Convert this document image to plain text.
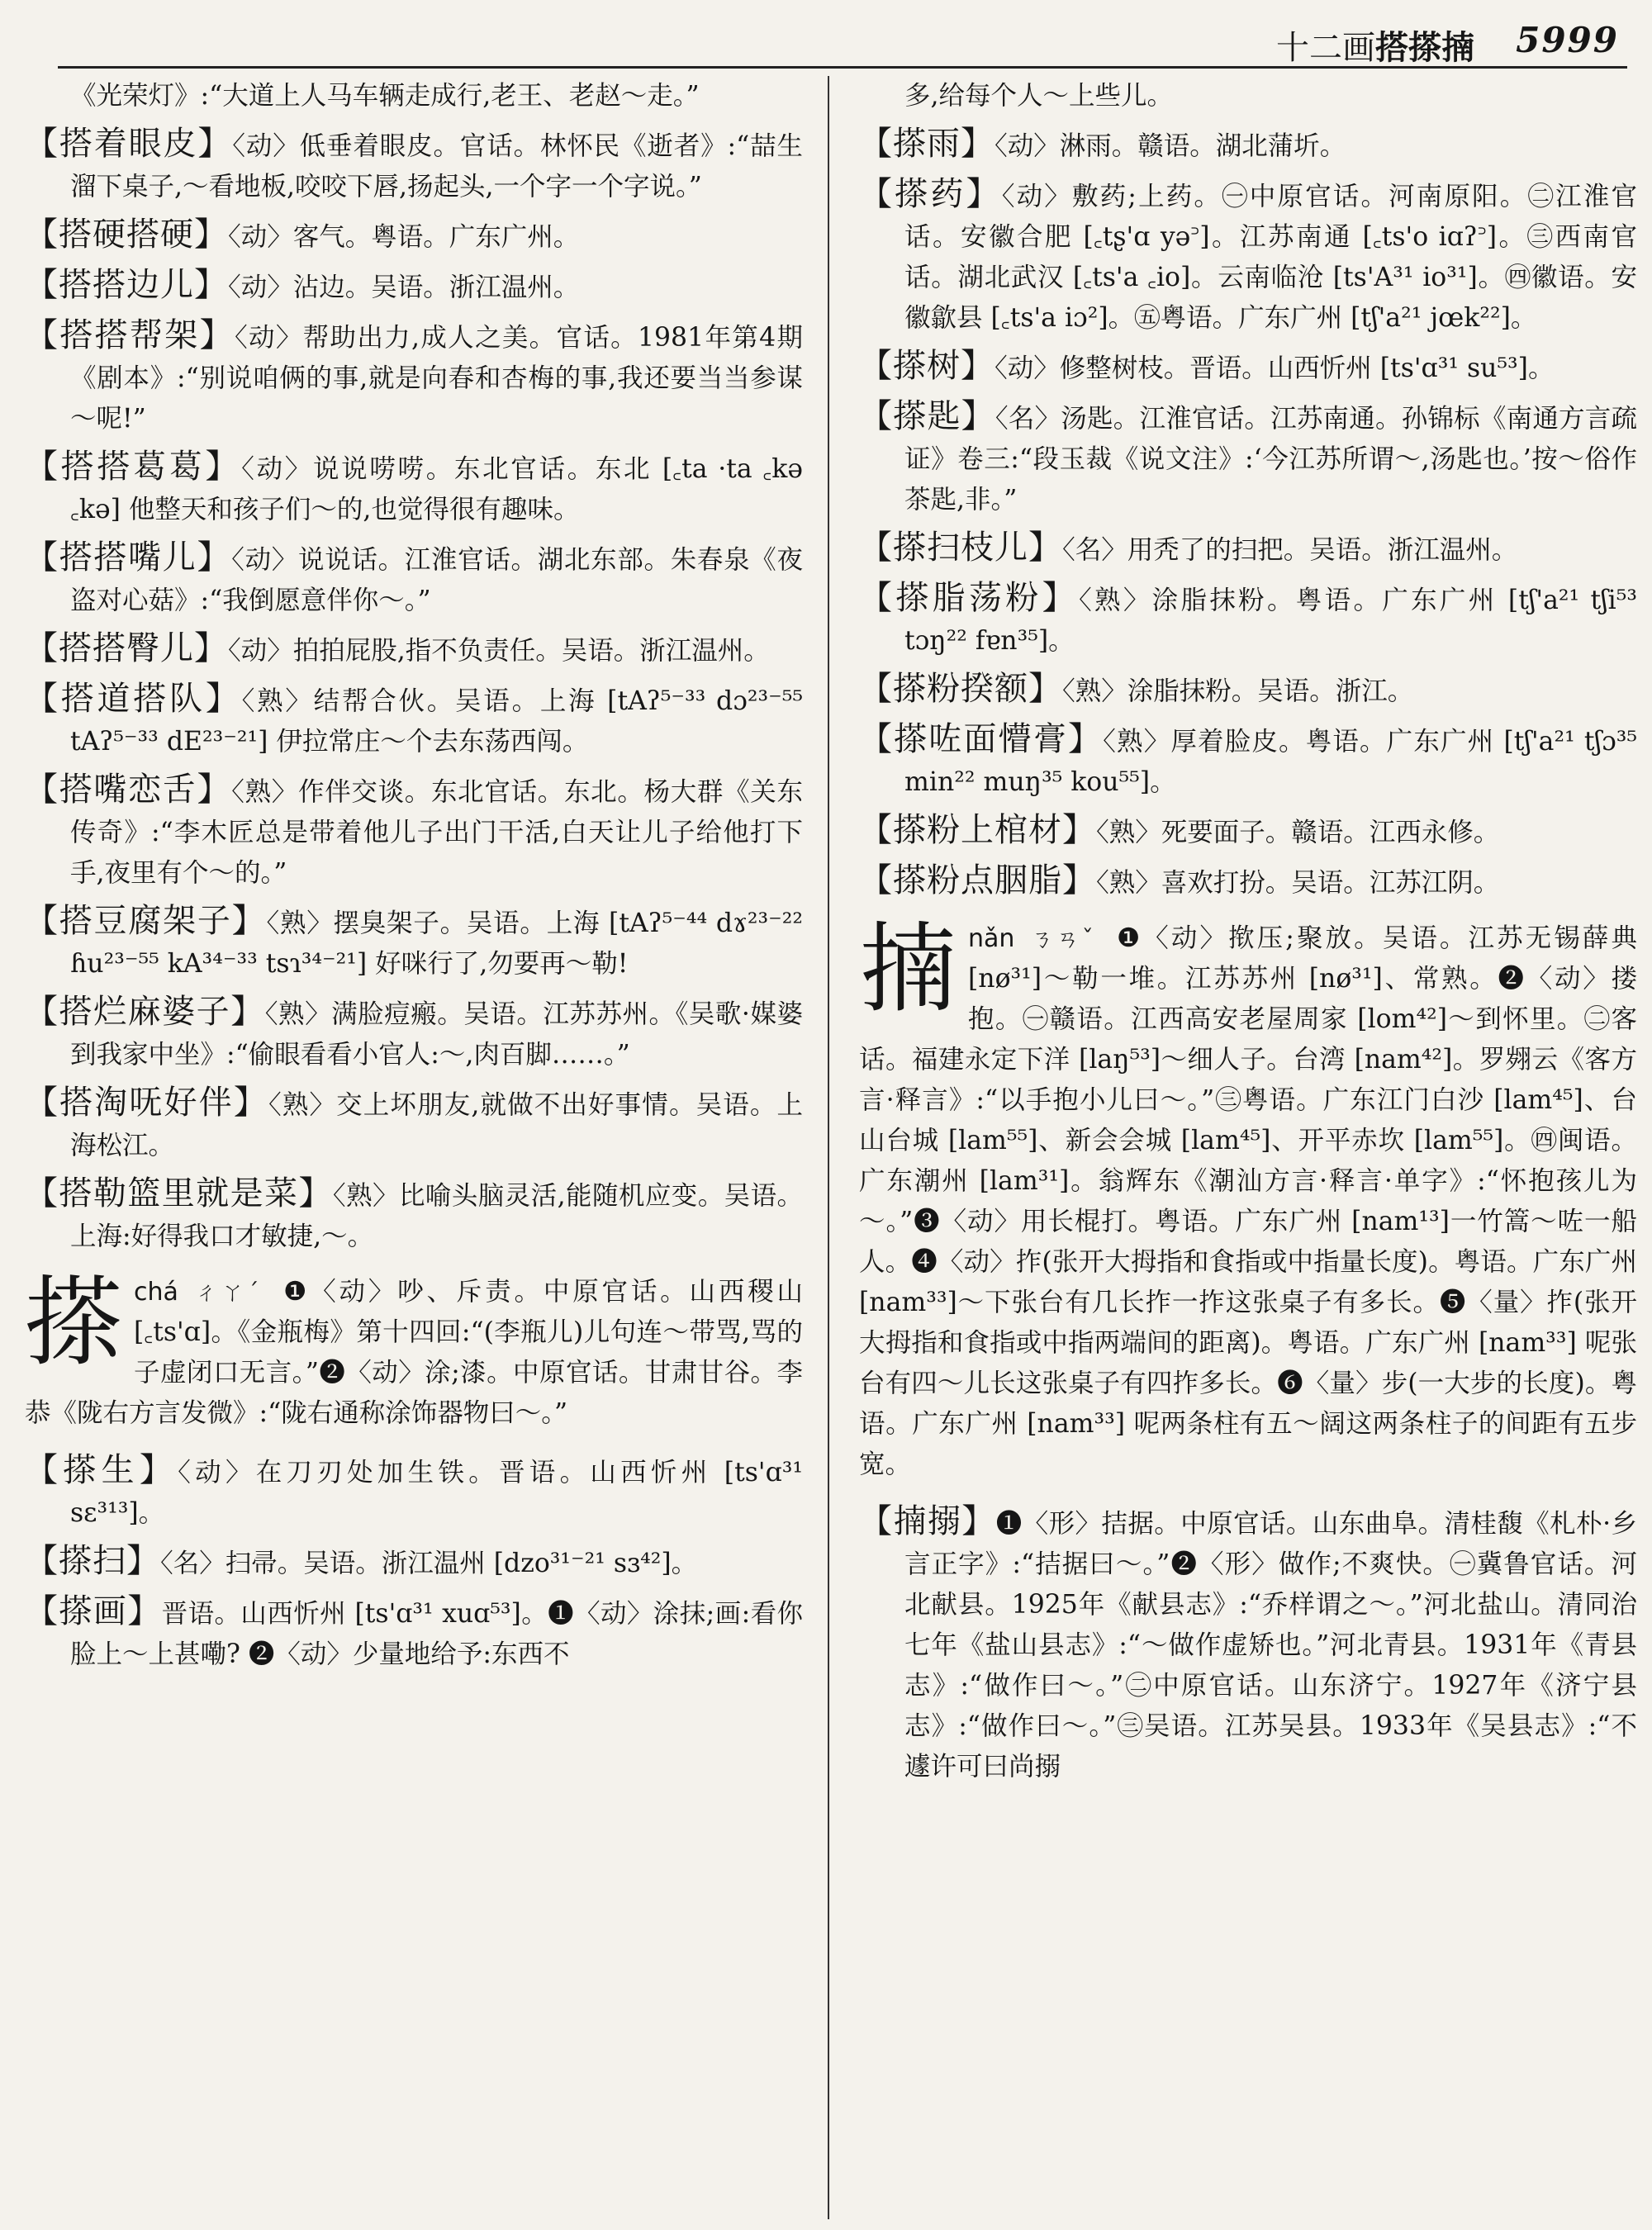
十二画 搭搽揇 5999

《光荣灯》:“大道上人马车辆走成行,老王、老赵～走。”

【搭着眼皮】〈动〉低垂着眼皮。官话。林怀民《逝者》:“喆生溜下桌子,～看地板,咬咬下唇,扬起头,一个字一个字说。”

【搭硬搭硬】〈动〉客气。粤语。广东广州。

【搭搭边儿】〈动〉沾边。吴语。浙江温州。

【搭搭帮架】〈动〉帮助出力,成人之美。官话。1981年第4期《剧本》:“别说咱俩的事,就是向春和杏梅的事,我还要当当参谋～呢!”

【搭搭葛葛】〈动〉说说唠唠。东北官话。东北 [꜀ta ·ta ꜀kə ꜀kə] 他整天和孩子们～的,也觉得很有趣味。

【搭搭嘴儿】〈动〉说说话。江淮官话。湖北东部。朱春泉《夜盗对心菇》:“我倒愿意伴你～。”

【搭搭臀儿】〈动〉拍拍屁股,指不负责任。吴语。浙江温州。

【搭道搭队】〈熟〉结帮合伙。吴语。上海 [tAʔ⁵⁻³³ dɔ²³⁻⁵⁵ tAʔ⁵⁻³³ dE²³⁻²¹] 伊拉常庄～个去东荡西闯。

【搭嘴恋舌】〈熟〉作伴交谈。东北官话。东北。杨大群《关东传奇》:“李木匠总是带着他儿子出门干活,白天让儿子给他打下手,夜里有个～的。”

【搭豆腐架子】〈熟〉摆臭架子。吴语。上海 [tAʔ⁵⁻⁴⁴ dɤ²³⁻²² ɦu²³⁻⁵⁵ kA³⁴⁻³³ tsɿ³⁴⁻²¹] 好咪行了,勿要再～勒!

【搭烂麻婆子】〈熟〉满脸痘瘢。吴语。江苏苏州。《吴歌·媒婆到我家中坐》:“偷眼看看小官人:～,肉百脚……。”

【搭淘呒好伴】〈熟〉交上坏朋友,就做不出好事情。吴语。上海松江。

【搭勒篮里就是菜】〈熟〉比喻头脑灵活,能随机应变。吴语。上海:好得我口才敏捷,～。

搽 chá ㄔㄚˊ ❶〈动〉吵、斥责。中原官话。山西稷山 [꜀ts'ɑ]。《金瓶梅》第十四回:“(李瓶儿)儿句连～带骂,骂的子虚闭口无言。”❷〈动〉涂;漆。中原官话。甘肃甘谷。李恭《陇右方言发微》:“陇右通称涂饰器物曰～。”

【搽生】〈动〉在刀刃处加生铁。晋语。山西忻州 [ts'ɑ³¹ sɛ³¹³]。

【搽扫】〈名〉扫帚。吴语。浙江温州 [dzo³¹⁻²¹ sɜ⁴²]。

【搽画】晋语。山西忻州 [ts'ɑ³¹ xuɑ⁵³]。❶〈动〉涂抹;画:看你脸上～上甚嘞? ❷〈动〉少量地给予:东西不

多,给每个人～上些儿。

【搽雨】〈动〉淋雨。赣语。湖北蒲圻。

【搽药】〈动〉敷药;上药。㊀中原官话。河南原阳。㊁江淮官话。安徽合肥 [꜀tʂ'ɑ yə꜄]。江苏南通 [꜀ts'o iɑʔ꜄]。㊂西南官话。湖北武汉 [꜀ts'a ꜀io]。云南临沧 [ts'A³¹ io³¹]。㊃徽语。安徽歙县 [꜀ts'a iɔ²]。㊄粤语。广东广州 [tʃ'a²¹ jœk²²]。

【搽树】〈动〉修整树枝。晋语。山西忻州 [ts'ɑ³¹ su⁵³]。

【搽匙】〈名〉汤匙。江淮官话。江苏南通。孙锦标《南通方言疏证》卷三:“段玉裁《说文注》:‘今江苏所谓～,汤匙也。’按～俗作茶匙,非。”

【搽扫枝儿】〈名〉用秃了的扫把。吴语。浙江温州。

【搽脂荡粉】〈熟〉涂脂抹粉。粤语。广东广州 [tʃ'a²¹ tʃi⁵³ tɔŋ²² fɐn³⁵]。

【搽粉揆额】〈熟〉涂脂抹粉。吴语。浙江。

【搽咗面懵膏】〈熟〉厚着脸皮。粤语。广东广州 [tʃ'a²¹ tʃɔ³⁵ min²² muŋ³⁵ kou⁵⁵]。

【搽粉上棺材】〈熟〉死要面子。赣语。江西永修。

【搽粉点胭脂】〈熟〉喜欢打扮。吴语。江苏江阴。

揇 nǎn ㄋㄢˇ ❶〈动〉揿压;聚放。吴语。江苏无锡薛典 [nø³¹]～勒一堆。江苏苏州 [nø³¹]、常熟。❷〈动〉搂抱。㊀赣语。江西高安老屋周家 [lom⁴²]～到怀里。㊁客话。福建永定下洋 [laŋ⁵³]～细人子。台湾 [nam⁴²]。罗翙云《客方言·释言》:“以手抱小儿曰～。”㊂粤语。广东江门白沙 [lam⁴⁵]、台山台城 [lam⁵⁵]、新会会城 [lam⁴⁵]、开平赤坎 [lam⁵⁵]。㊃闽语。广东潮州 [lam³¹]。翁辉东《潮汕方言·释言·单字》:“怀抱孩儿为～。”❸〈动〉用长棍打。粤语。广东广州 [nam¹³]一竹篙～咗一船人。❹〈动〉拃(张开大拇指和食指或中指量长度)。粤语。广东广州 [nam³³]～下张台有几长拃一拃这张桌子有多长。❺〈量〉拃(张开大拇指和食指或中指两端间的距离)。粤语。广东广州 [nam³³] 呢张台有四～儿长这张桌子有四拃多长。❻〈量〉步(一大步的长度)。粤语。广东广州 [nam³³] 呢两条柱有五～阔这两条柱子的间距有五步宽。

【揇搦】❶〈形〉拮据。中原官话。山东曲阜。清桂馥《札朴·乡言正字》:“拮据曰～。”❷〈形〉做作;不爽快。㊀冀鲁官话。河北献县。1925年《献县志》:“乔样谓之～。”河北盐山。清同治七年《盐山县志》:“～做作虚矫也。”河北青县。1931年《青县志》:“做作曰～。”㊁中原官话。山东济宁。1927年《济宁县志》:“做作曰～。”㊂吴语。江苏吴县。1933年《吴县志》:“不遽许可曰尚搦
